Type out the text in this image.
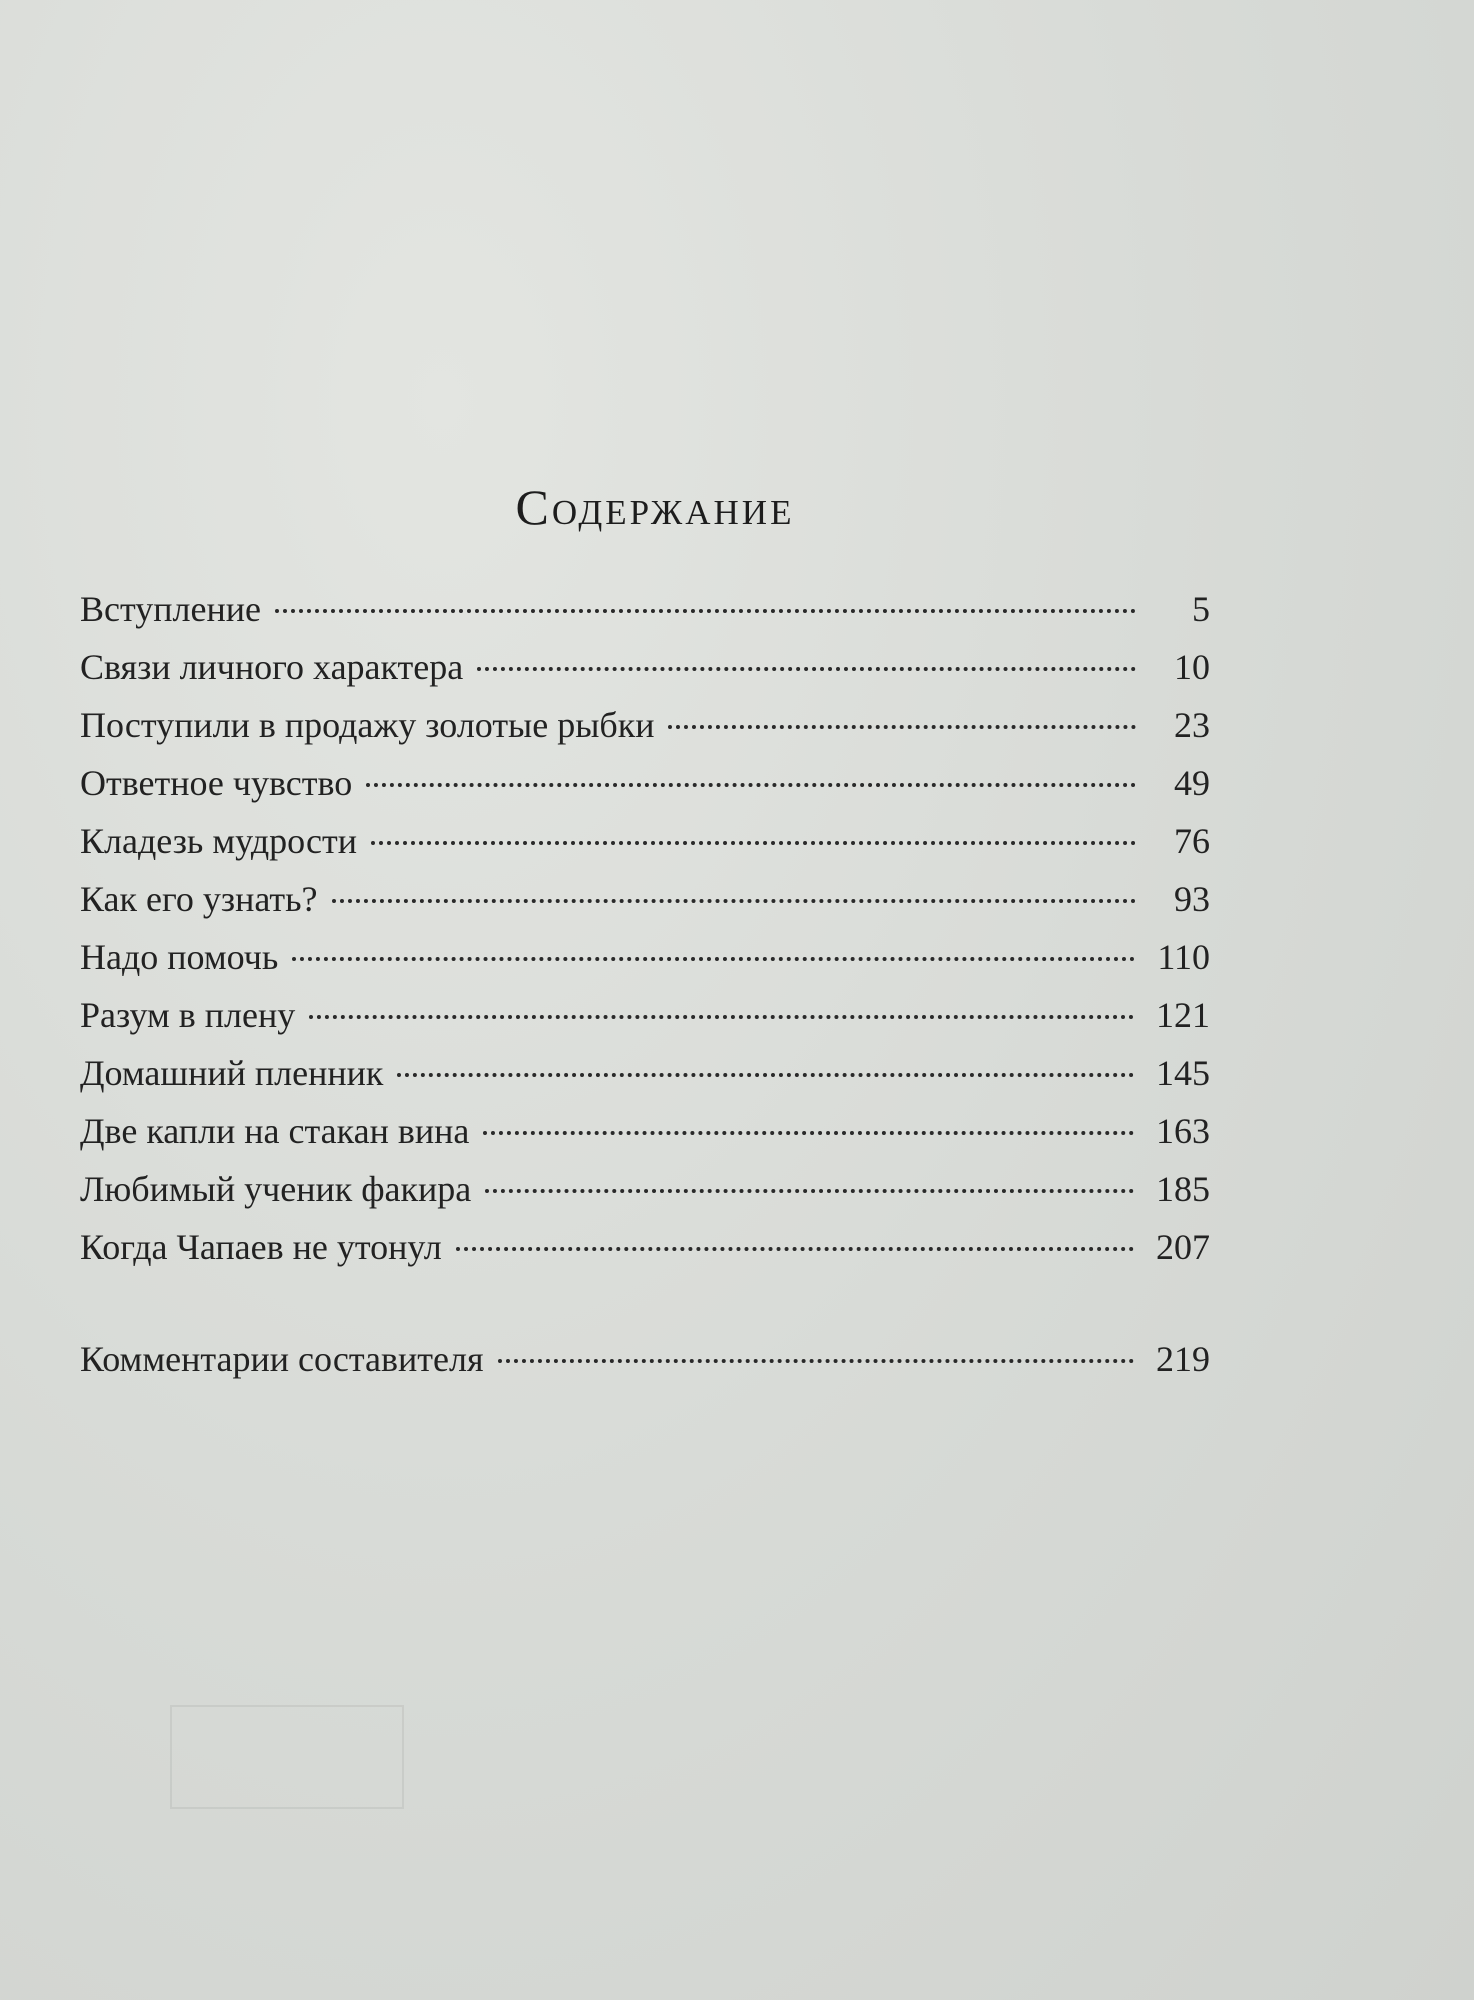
Содержание
Вступление	5
Связи личного характера	10
Поступили в продажу золотые рыбки	23
Ответное чувство	49
Кладезь мудрости	76
Как его узнать?	93
Надо помочь	110
Разум в плену	121
Домашний пленник	145
Две капли на стакан вина	163
Любимый ученик факира	185
Когда Чапаев не утонул	207
Комментарии составителя	219
